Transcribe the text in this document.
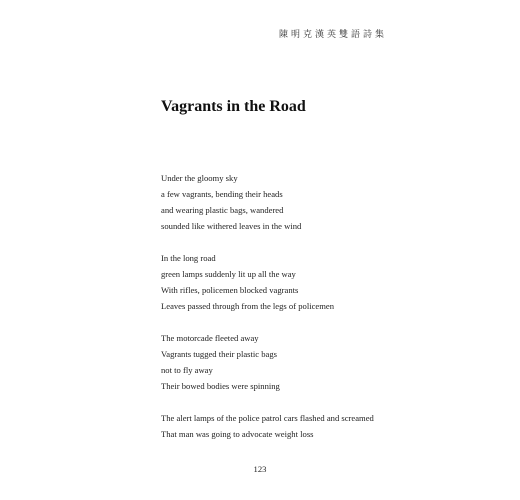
陳明克漢英雙語詩集
Vagrants in the Road
Under the gloomy sky
a few vagrants, bending their heads
and wearing plastic bags, wandered
sounded like withered leaves in the wind
In the long road
green lamps suddenly lit up all the way
With rifles, policemen blocked vagrants
Leaves passed through from the legs of policemen
The motorcade fleeted away
Vagrants tugged their plastic bags
not to fly away
Their bowed bodies were spinning
The alert lamps of the police patrol cars flashed and screamed
That man was going to advocate weight loss
123
